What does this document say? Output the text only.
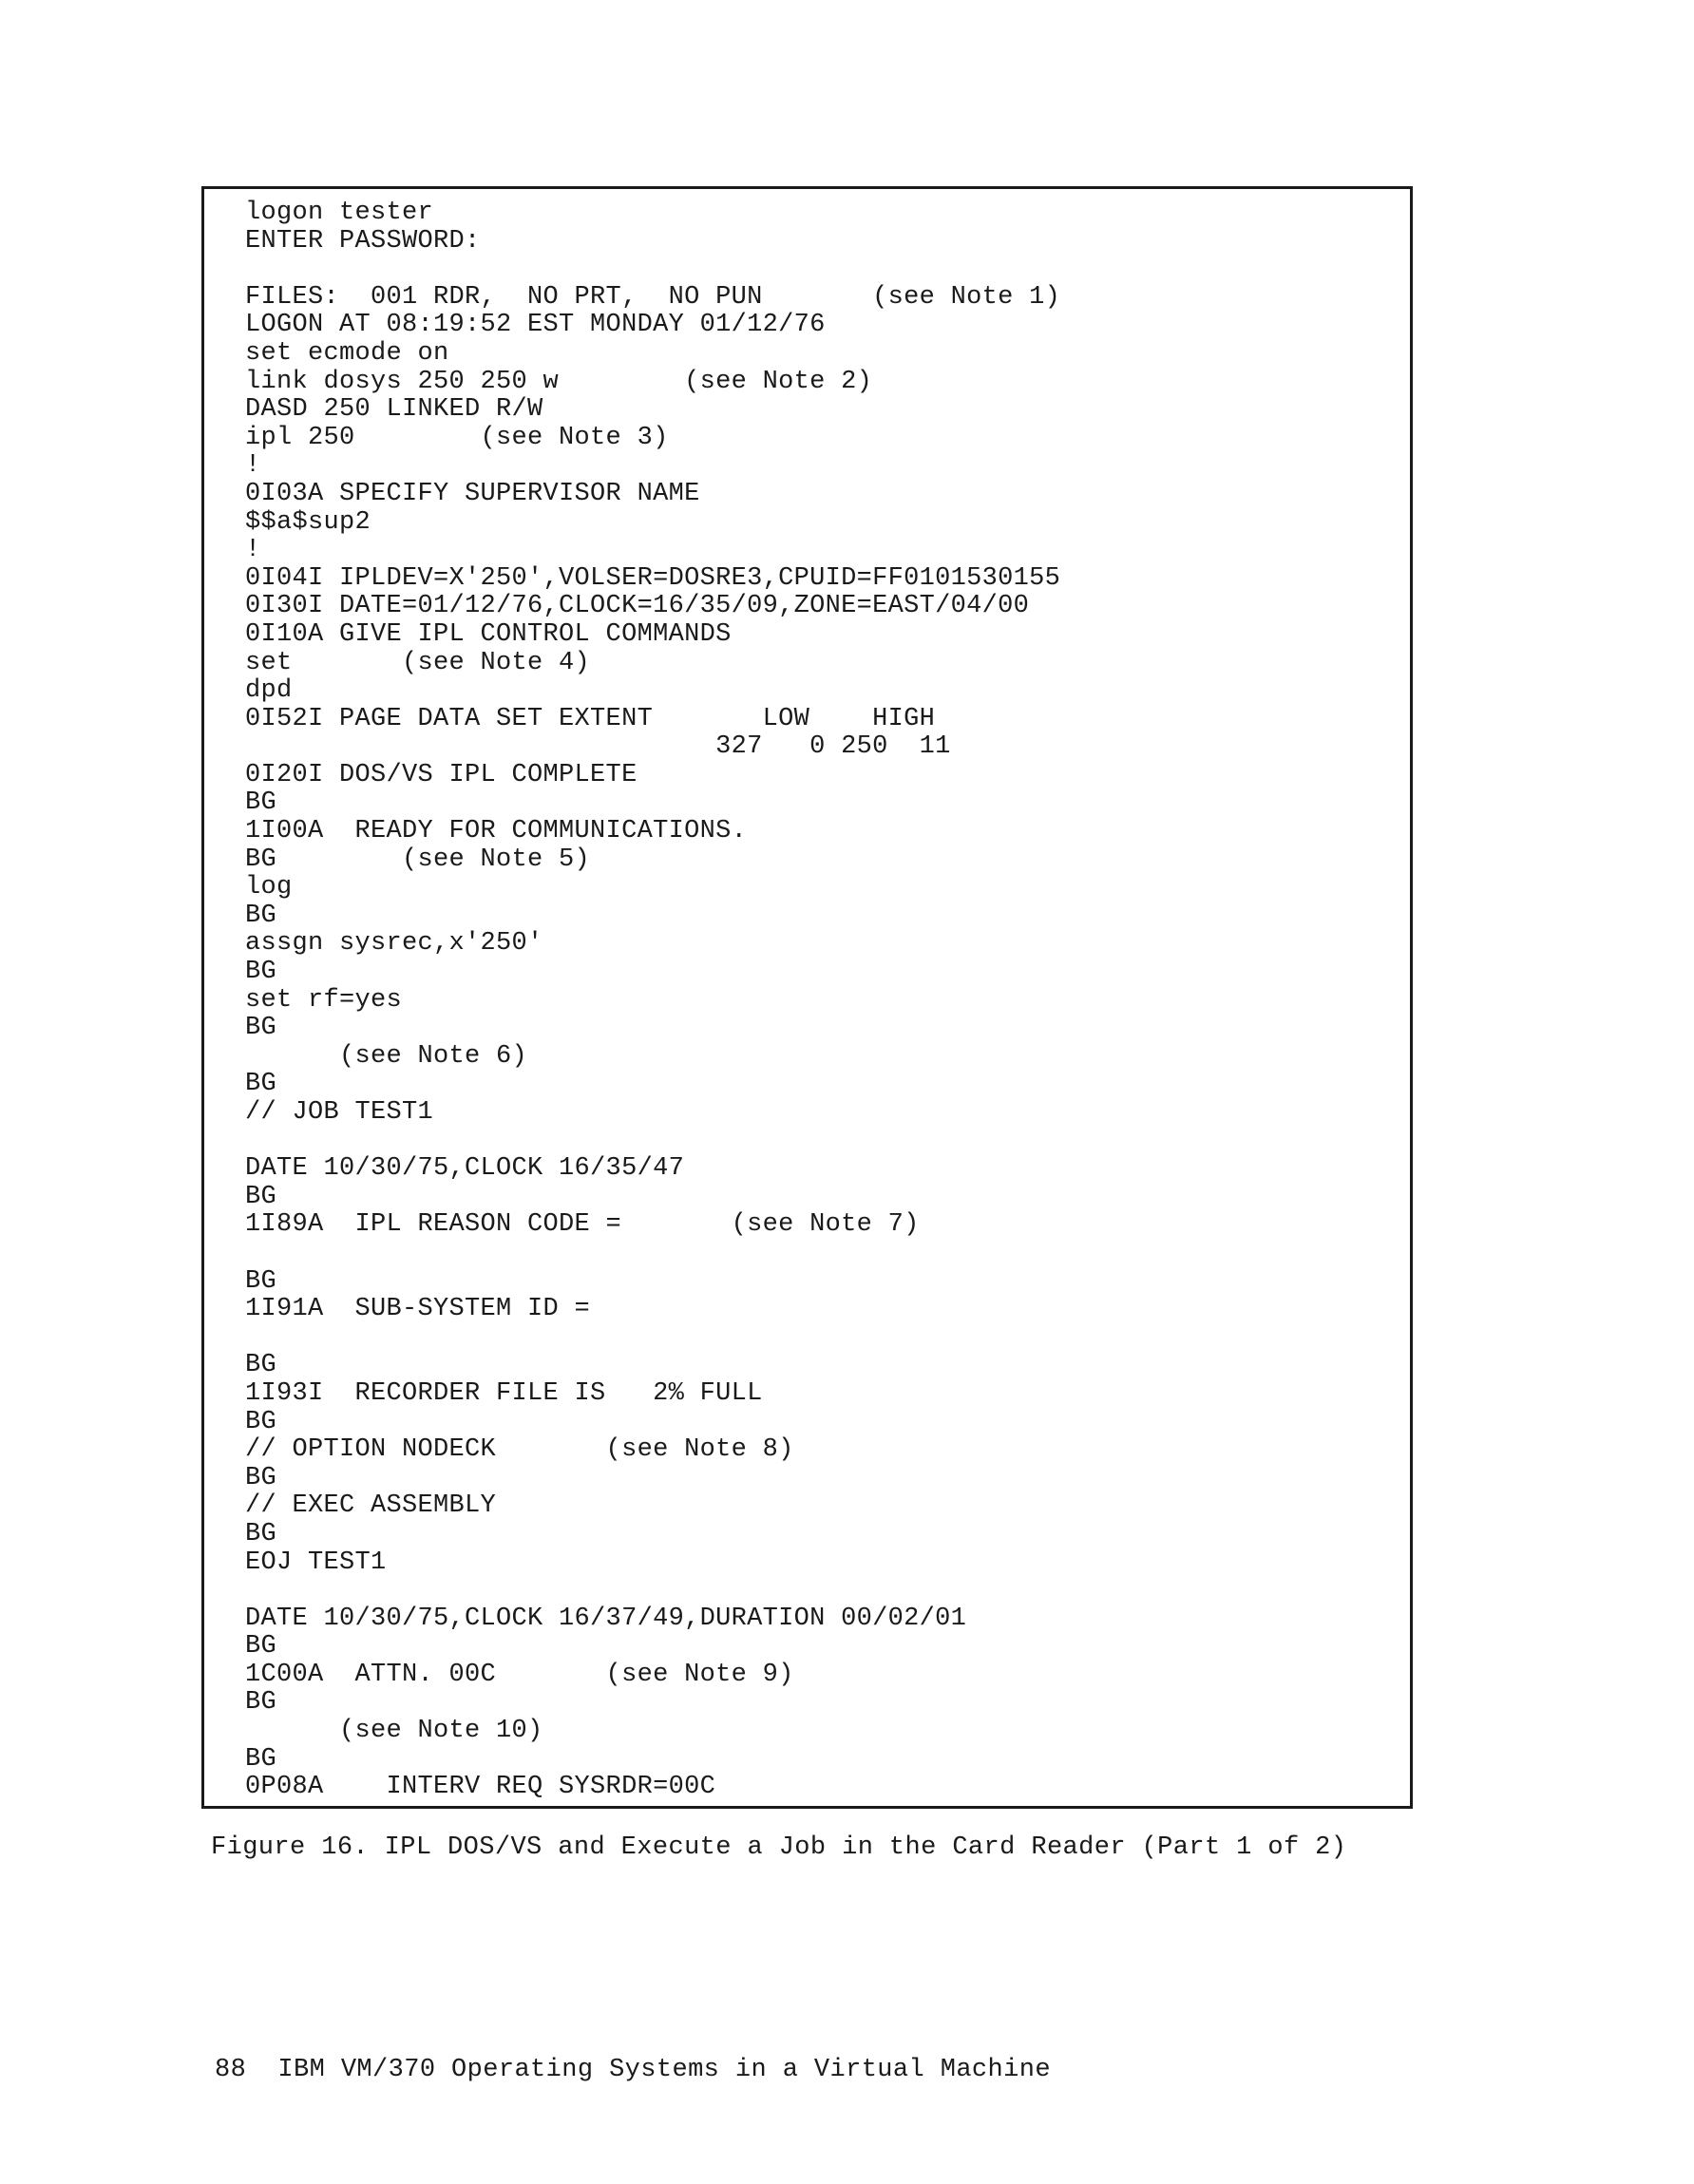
logon tester
ENTER PASSWORD:
FILES:  001 RDR,  NO PRT,  NO PUN       (see Note 1)
LOGON AT 08:19:52 EST MONDAY 01/12/76
set ecmode on
link dosys 250 250 w        (see Note 2)
DASD 250 LINKED R/W
ipl 250        (see Note 3)
!
0I03A SPECIFY SUPERVISOR NAME
$$a$sup2
!
0I04I IPLDEV=X'250',VOLSER=DOSRE3,CPUID=FF0101530155
0I30I DATE=01/12/76,CLOCK=16/35/09,ZONE=EAST/04/00
0I10A GIVE IPL CONTROL COMMANDS
set       (see Note 4)
dpd
0I52I PAGE DATA SET EXTENT       LOW    HIGH
327   0 250  11
0I20I DOS/VS IPL COMPLETE
BG
1I00A  READY FOR COMMUNICATIONS.
BG        (see Note 5)
log
BG
assgn sysrec,x'250'
BG
set rf=yes
BG
(see Note 6)
BG
// JOB TEST1
DATE 10/30/75,CLOCK 16/35/47
BG
1I89A  IPL REASON CODE =       (see Note 7)
BG
1I91A  SUB-SYSTEM ID =
BG
1I93I  RECORDER FILE IS   2% FULL
BG
// OPTION NODECK       (see Note 8)
BG
// EXEC ASSEMBLY
BG
EOJ TEST1
DATE 10/30/75,CLOCK 16/37/49,DURATION 00/02/01
BG
1C00A  ATTN. 00C       (see Note 9)
BG
(see Note 10)
BG
0P08A    INTERV REQ SYSRDR=00C
Figure 16. IPL DOS/VS and Execute a Job in the Card Reader (Part 1 of 2)
88  IBM VM/370 Operating Systems in a Virtual Machine
